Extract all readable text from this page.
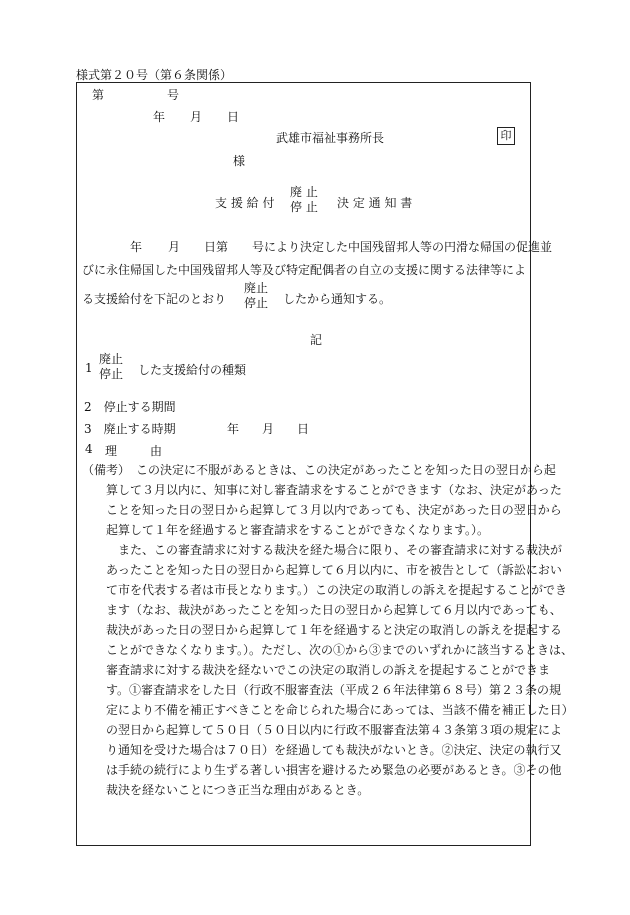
様式第２０号（第６条関係）
第	号
年 月 日
武雄市福祉事務所長	印
様
支 援 給 付
廃 止
停 止 決 定 通 知 書
年 月 日第　　号により決定した中国残留邦人等の円滑な帰国の促進並
びに永住帰国した中国残留邦人等及び特定配偶者の自立の支援に関する法律等によ
る支援給付を下記のとおり
廃止
停止 したから通知する。
記
1
廃止
停止 した支援給付の種類
2　停止する期間
3　廃止する時期	年 月 日
4 理	由
（備考）　この決定に不服があるときは、この決定があったことを知った日の翌日から起
　　算して３月以内に、知事に対し審査請求をすることができます（なお、決定があった
　　ことを知った日の翌日から起算して３月以内であっても、決定があった日の翌日から
　　起算して１年を経過すると審査請求をすることができなくなります。）。
　　　また、この審査請求に対する裁決を経た場合に限り、その審査請求に対する裁決が
　　あったことを知った日の翌日から起算して６月以内に、市を被告として（訴訟におい
　　て市を代表する者は市長となります。）この決定の取消しの訴えを提起することができ
　　ます（なお、裁決があったことを知った日の翌日から起算して６月以内であっても、
　　裁決があった日の翌日から起算して１年を経過すると決定の取消しの訴えを提起する
　　ことができなくなります。）。ただし、次の①から③までのいずれかに該当するときは、
　　審査請求に対する裁決を経ないでこの決定の取消しの訴えを提起することができま
　　す。①審査請求をした日（行政不服審査法（平成２６年法律第６８号）第２３条の規
　　定により不備を補正すべきことを命じられた場合にあっては、当該不備を補正した日）
　　の翌日から起算して５０日（５０日以内に行政不服審査法第４３条第３項の規定によ
　　り通知を受けた場合は７０日）を経過しても裁決がないとき。②決定、決定の執行又
　　は手続の続行により生ずる著しい損害を避けるため緊急の必要があるとき。③その他
　　裁決を経ないことにつき正当な理由があるとき。
